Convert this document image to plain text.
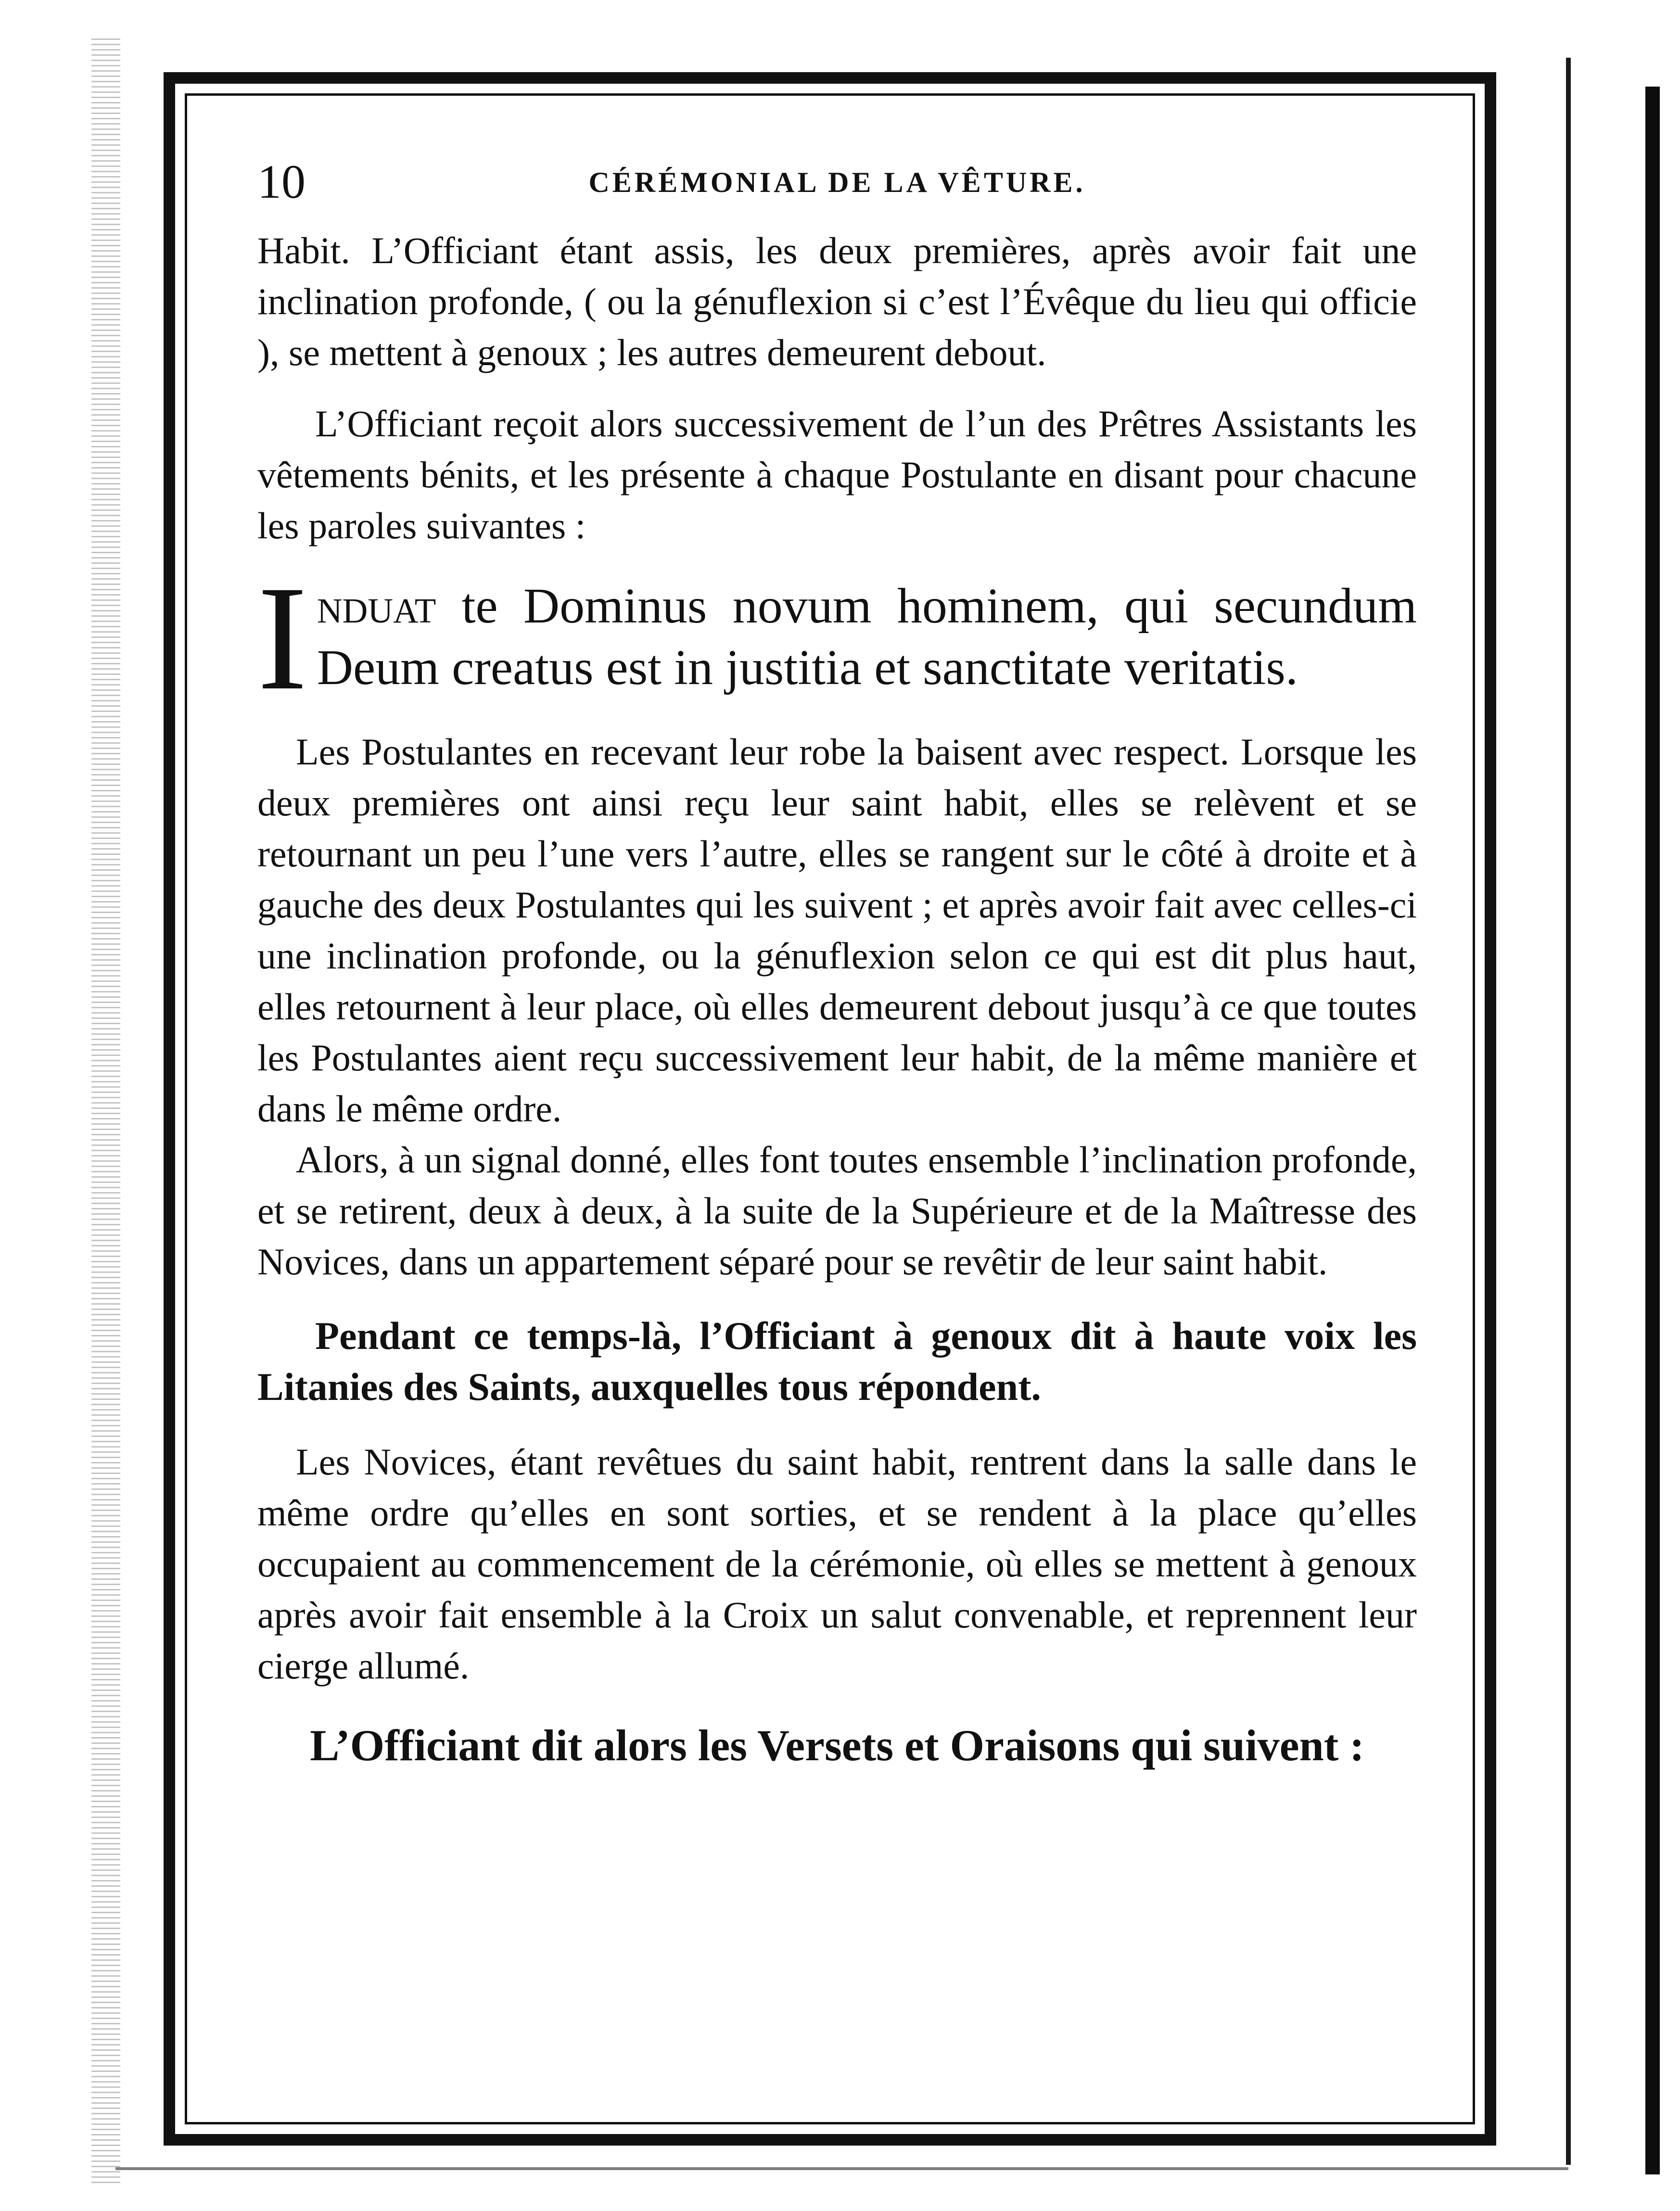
10	CÉRÉMONIAL DE LA VÊTURE.

Habit. L’Officiant étant assis, les deux premières, après avoir fait une inclination profonde, ( ou la génuflexion si c’est l’Évêque du lieu qui officie ), se mettent à genoux ; les autres demeurent debout.

L’Officiant reçoit alors successivement de l’un des Prêtres Assistants les vêtements bénits, et les présente à chaque Postulante en disant pour chacune les paroles suivantes :

Induat te Dominus novum hominem, qui secundum Deum creatus est in justitia et sanctitate veritatis.

Les Postulantes en recevant leur robe la baisent avec respect. Lorsque les deux premières ont ainsi reçu leur saint habit, elles se relèvent et se retournant un peu l’une vers l’autre, elles se rangent sur le côté à droite et à gauche des deux Postulantes qui les suivent ; et après avoir fait avec celles-ci une inclination profonde, ou la génuflexion selon ce qui est dit plus haut, elles retournent à leur place, où elles demeurent debout jusqu’à ce que toutes les Postulantes aient reçu successivement leur habit, de la même manière et dans le même ordre.

Alors, à un signal donné, elles font toutes ensemble l’inclination profonde, et se retirent, deux à deux, à la suite de la Supérieure et de la Maîtresse des Novices, dans un appartement séparé pour se revêtir de leur saint habit.

Pendant ce temps-là, l’Officiant à genoux dit à haute voix les Litanies des Saints, auxquelles tous répondent.

Les Novices, étant revêtues du saint habit, rentrent dans la salle dans le même ordre qu’elles en sont sorties, et se rendent à la place qu’elles occupaient au commencement de la cérémonie, où elles se mettent à genoux après avoir fait ensemble à la Croix un salut convenable, et reprennent leur cierge allumé.

L’Officiant dit alors les Versets et Oraisons qui suivent :
